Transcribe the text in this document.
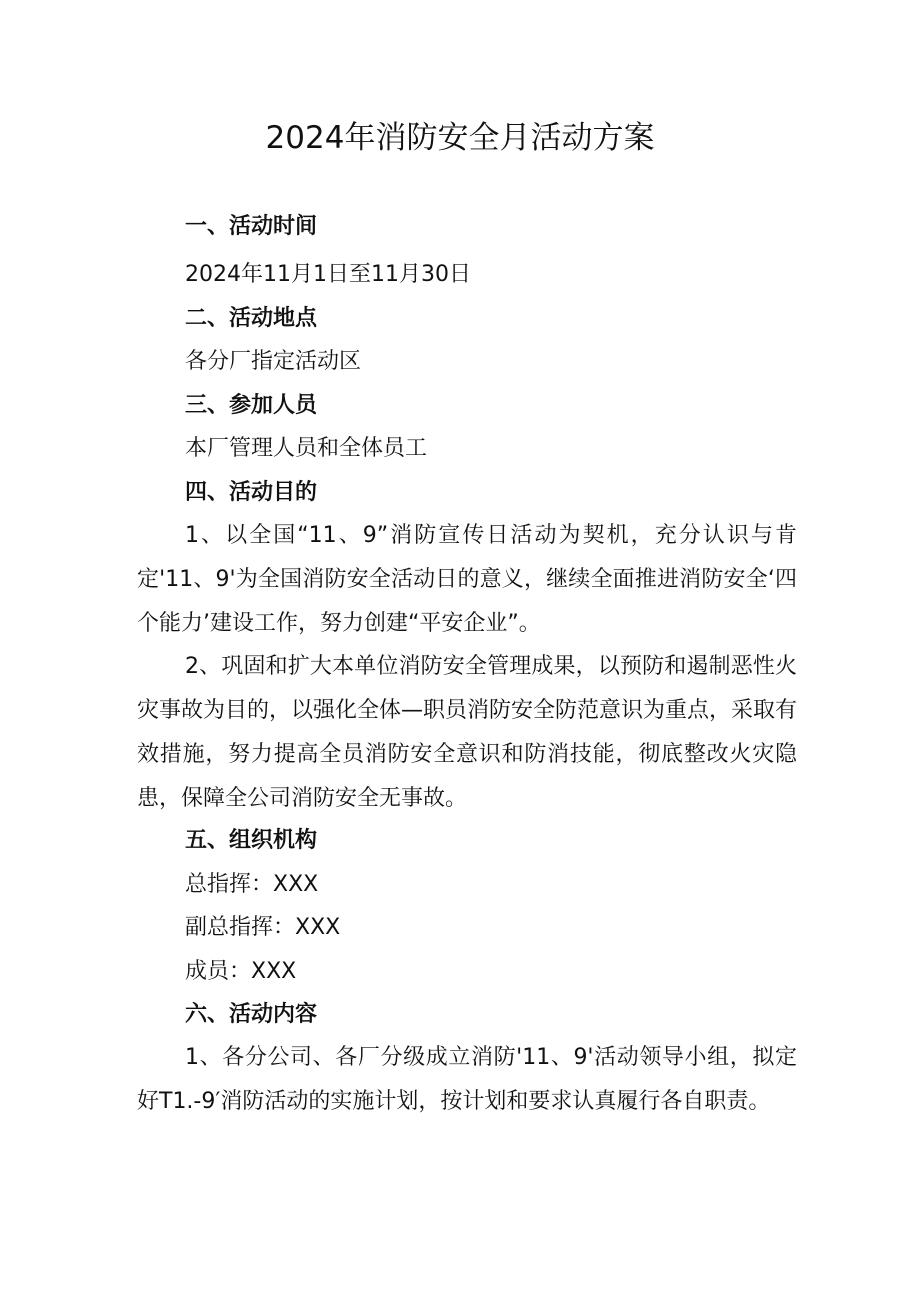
2024年消防安全月活动方案
一、活动时间
2024年11月1日至11月30日
二、活动地点
各分厂指定活动区
三、参加人员
本厂管理人员和全体员工
四、活动目的

1、以全国“11、9”消防宣传日活动为契机，充分认识与肯定'11、9'为全国消防安全活动日的意义，继续全面推进消防安全‘四个能力’建设工作，努力创建“平安企业”。

2、巩固和扩大本单位消防安全管理成果，以预防和遏制恶性火灾事故为目的，以强化全体—职员消防安全防范意识为重点，采取有效措施，努力提高全员消防安全意识和防消技能，彻底整改火灾隐患，保障全公司消防安全无事故。

五、组织机构
总指挥：XXX
副总指挥：XXX
成员：XXX
六、活动内容

1、各分公司、各厂分级成立消防'11、9'活动领导小组，拟定好T1.-9′消防活动的实施计划，按计划和要求认真履行各自职责。
